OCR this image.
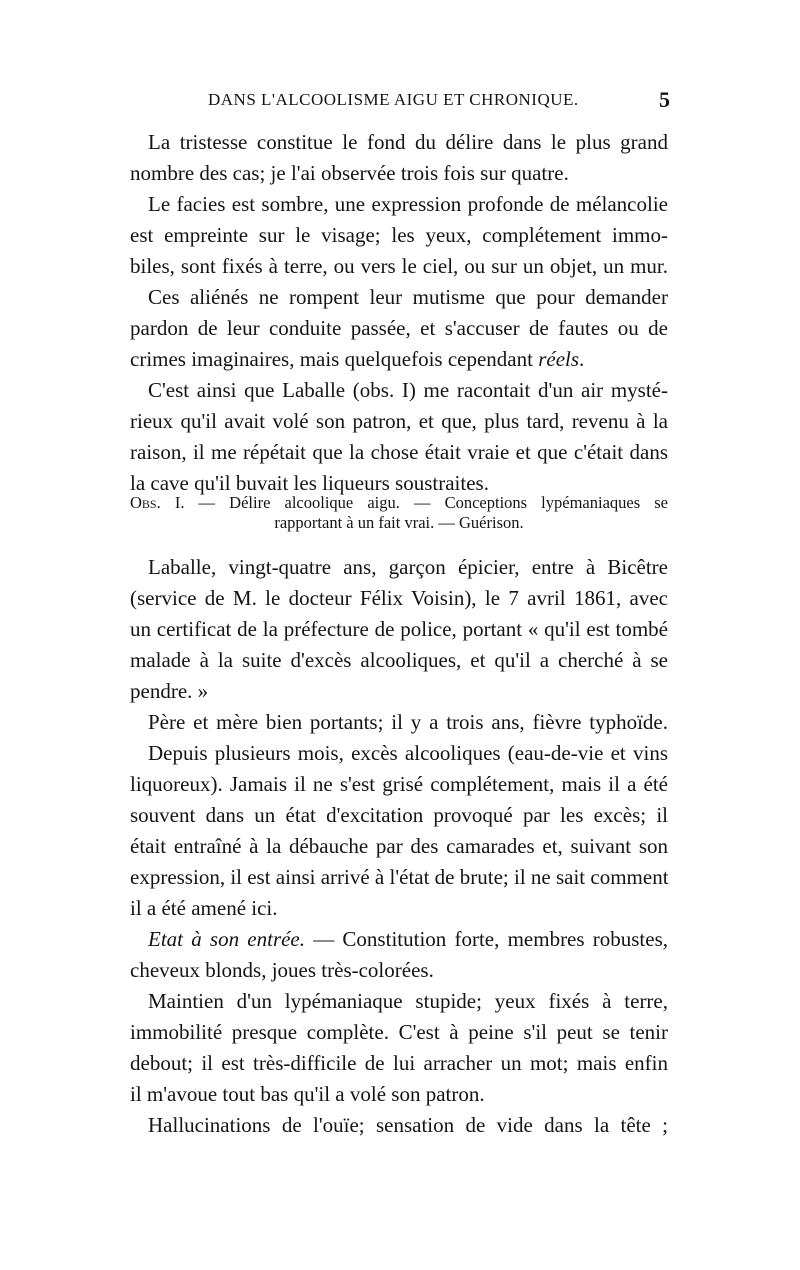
DANS L'ALCOOLISME AIGU ET CHRONIQUE.	5
La tristesse constitue le fond du délire dans le plus grand
nombre des cas; je l'ai observée trois fois sur quatre.
Le facies est sombre, une expression profonde de mélancolie
est empreinte sur le visage; les yeux, complétement immo-
biles, sont fixés à terre, ou vers le ciel, ou sur un objet, un mur.
Ces aliénés ne rompent leur mutisme que pour demander
pardon de leur conduite passée, et s'accuser de fautes ou de
crimes imaginaires, mais quelquefois cependant réels.
C'est ainsi que Laballe (obs. I) me racontait d'un air mysté-
rieux qu'il avait volé son patron, et que, plus tard, revenu à la
raison, il me répétait que la chose était vraie et que c'était dans
la cave qu'il buvait les liqueurs soustraites.
Obs. I. — Délire alcoolique aigu. — Conceptions lypémaniaques se
rapportant à un fait vrai. — Guérison.
Laballe, vingt-quatre ans, garçon épicier, entre à Bicêtre
(service de M. le docteur Félix Voisin), le 7 avril 1861, avec
un certificat de la préfecture de police, portant « qu'il est tombé
malade à la suite d'excès alcooliques, et qu'il a cherché à se
pendre. »
Père et mère bien portants; il y a trois ans, fièvre typhoïde.
Depuis plusieurs mois, excès alcooliques (eau-de-vie et vins
liquoreux). Jamais il ne s'est grisé complétement, mais il a été
souvent dans un état d'excitation provoqué par les excès; il
était entraîné à la débauche par des camarades et, suivant son
expression, il est ainsi arrivé à l'état de brute; il ne sait comment
il a été amené ici.
Etat à son entrée. — Constitution forte, membres robustes,
cheveux blonds, joues très-colorées.
Maintien d'un lypémaniaque stupide; yeux fixés à terre,
immobilité presque complète. C'est à peine s'il peut se tenir
debout; il est très-difficile de lui arracher un mot; mais enfin
il m'avoue tout bas qu'il a volé son patron.
Hallucinations de l'ouïe; sensation de vide dans la tête ;
